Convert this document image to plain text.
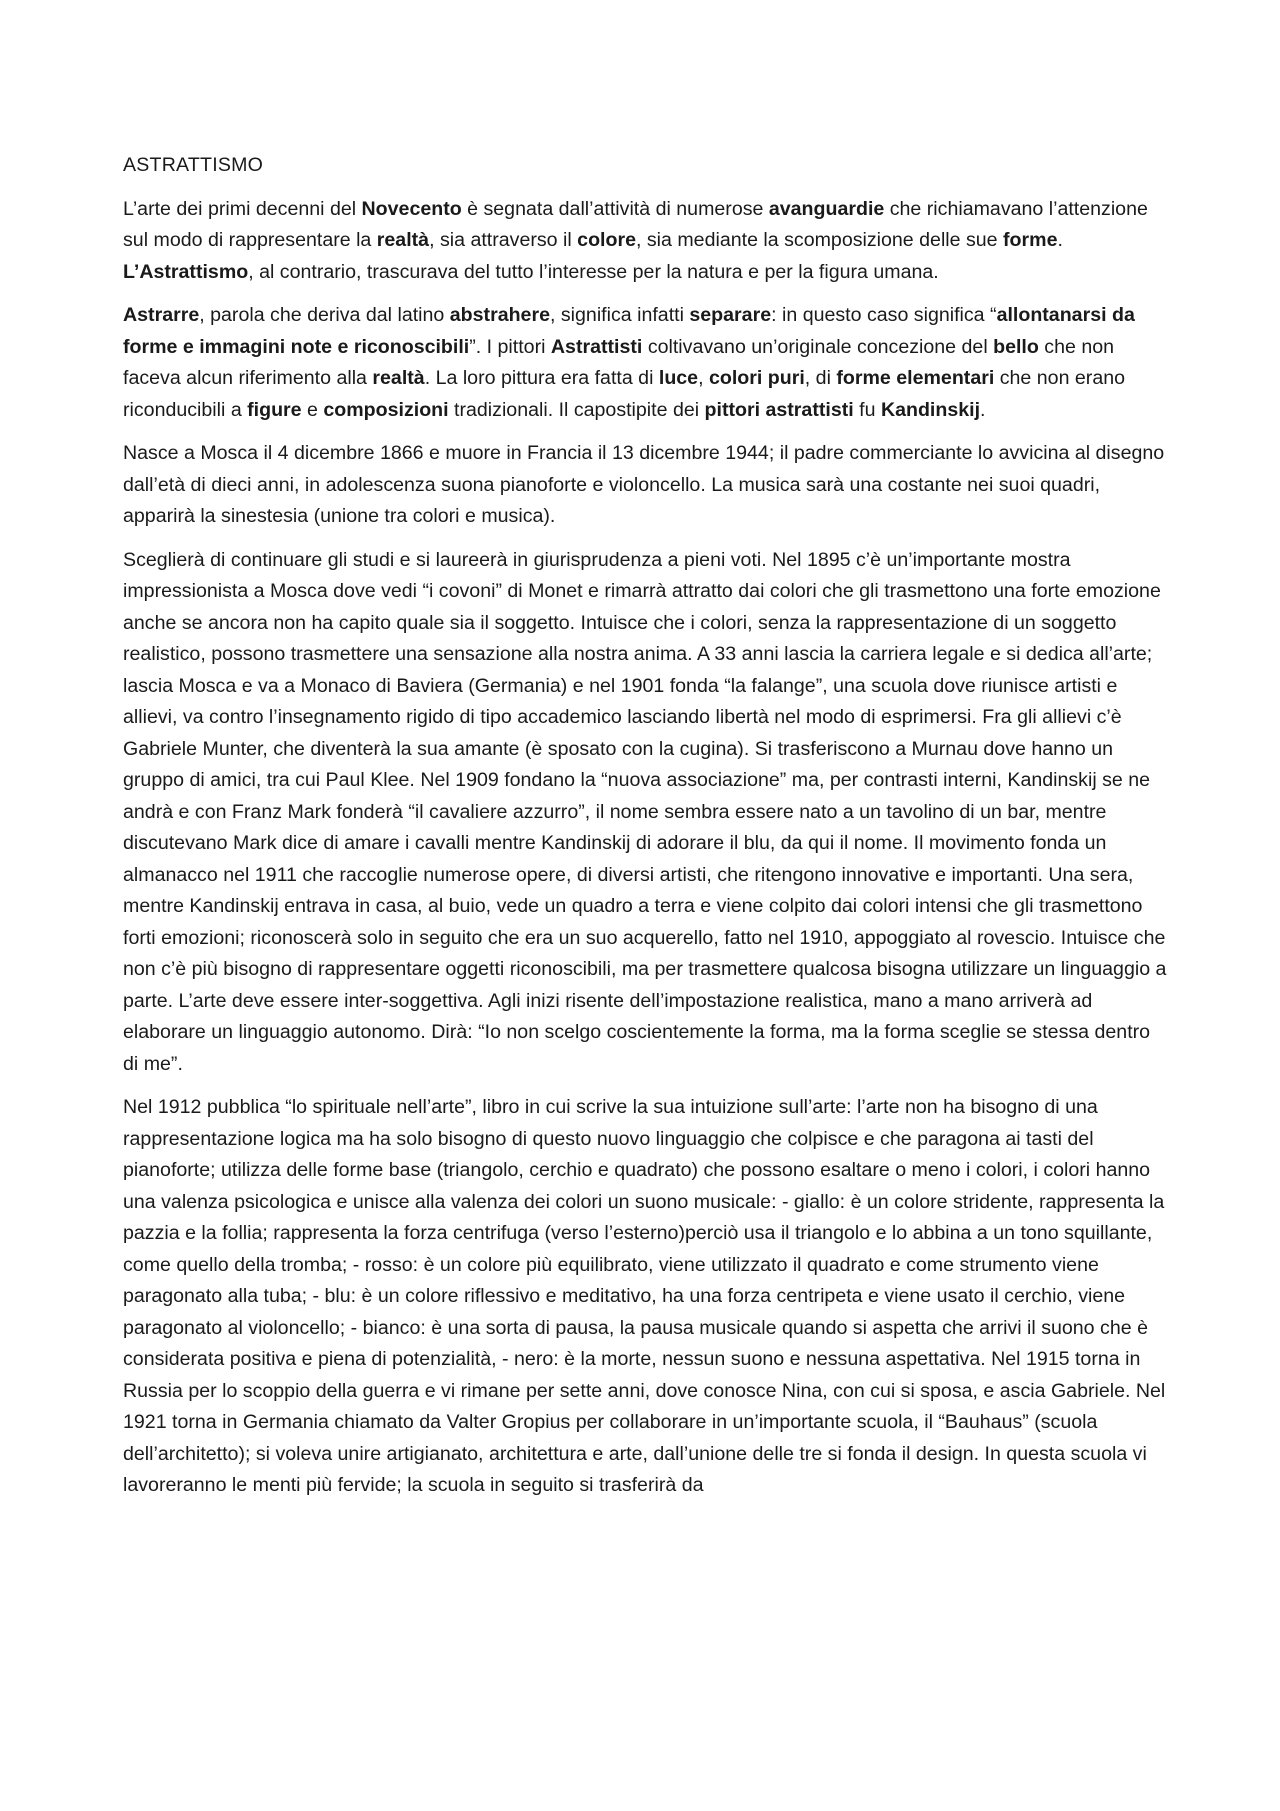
ASTRATTISMO

L’arte dei primi decenni del Novecento è segnata dall’attività di numerose avanguardie che richiamavano l’attenzione sul modo di rappresentare la realtà, sia attraverso il colore, sia mediante la scomposizione delle sue forme. L’Astrattismo, al contrario, trascurava del tutto l’interesse per la natura e per la figura umana.

Astrarre, parola che deriva dal latino abstrahere, significa infatti separare: in questo caso significa “allontanarsi da forme e immagini note e riconoscibili”. I pittori Astrattisti coltivavano un’originale concezione del bello che non faceva alcun riferimento alla realtà. La loro pittura era fatta di luce, colori puri, di forme elementari che non erano riconducibili a figure e composizioni tradizionali. Il capostipite dei pittori astrattisti fu Kandinskij.

Nasce a Mosca il 4 dicembre 1866 e muore in Francia il 13 dicembre 1944; il padre commerciante lo avvicina al disegno dall’età di dieci anni, in adolescenza suona pianoforte e violoncello. La musica sarà una costante nei suoi quadri, apparirà la sinestesia (unione tra colori e musica).

Sceglierà di continuare gli studi e si laureerà in giurisprudenza a pieni voti. Nel 1895 c’è un’importante mostra impressionista a Mosca dove vedi “i covoni” di Monet e rimarrà attratto dai colori che gli trasmettono una forte emozione anche se ancora non ha capito quale sia il soggetto. Intuisce che i colori, senza la rappresentazione di un soggetto realistico, possono trasmettere una sensazione alla nostra anima. A 33 anni lascia la carriera legale e si dedica all’arte; lascia Mosca e va a Monaco di Baviera (Germania) e nel 1901 fonda “la falange”, una scuola dove riunisce artisti e allievi, va contro l’insegnamento rigido di tipo accademico lasciando libertà nel modo di esprimersi. Fra gli allievi c’è Gabriele Munter, che diventerà la sua amante (è sposato con la cugina). Si trasferiscono a Murnau dove hanno un gruppo di amici, tra cui Paul Klee. Nel 1909 fondano la “nuova associazione” ma, per contrasti interni, Kandinskij se ne andrà e con Franz Mark fonderà “il cavaliere azzurro”, il nome sembra essere nato a un tavolino di un bar, mentre discutevano Mark dice di amare i cavalli mentre Kandinskij di adorare il blu, da qui il nome. Il movimento fonda un almanacco nel 1911 che raccoglie numerose opere, di diversi artisti, che ritengono innovative e importanti. Una sera, mentre Kandinskij entrava in casa, al buio, vede un quadro a terra e viene colpito dai colori intensi che gli trasmettono forti emozioni; riconoscerà solo in seguito che era un suo acquerello, fatto nel 1910, appoggiato al rovescio. Intuisce che non c’è più bisogno di rappresentare oggetti riconoscibili, ma per trasmettere qualcosa bisogna utilizzare un linguaggio a parte. L’arte deve essere inter-soggettiva. Agli inizi risente dell’impostazione realistica, mano a mano arriverà ad elaborare un linguaggio autonomo. Dirà: “Io non scelgo coscientemente la forma, ma la forma sceglie se stessa dentro di me”.

Nel 1912 pubblica “lo spirituale nell’arte”, libro in cui scrive la sua intuizione sull’arte: l’arte non ha bisogno di una rappresentazione logica ma ha solo bisogno di questo nuovo linguaggio che colpisce e che paragona ai tasti del pianoforte; utilizza delle forme base (triangolo, cerchio e quadrato) che possono esaltare o meno i colori, i colori hanno una valenza psicologica e unisce alla valenza dei colori un suono musicale: - giallo: è un colore stridente, rappresenta la pazzia e la follia; rappresenta la forza centrifuga (verso l’esterno)perciò usa il triangolo e lo abbina a un tono squillante, come quello della tromba; - rosso: è un colore più equilibrato, viene utilizzato il quadrato e come strumento viene paragonato alla tuba; - blu: è un colore riflessivo e meditativo, ha una forza centripeta e viene usato il cerchio, viene paragonato al violoncello; - bianco: è una sorta di pausa, la pausa musicale quando si aspetta che arrivi il suono che è considerata positiva e piena di potenzialità, - nero: è la morte, nessun suono e nessuna aspettativa. Nel 1915 torna in Russia per lo scoppio della guerra e vi rimane per sette anni, dove conosce Nina, con cui si sposa, e ascia Gabriele. Nel 1921 torna in Germania chiamato da Valter Gropius per collaborare in un’importante scuola, il “Bauhaus” (scuola dell’architetto); si voleva unire artigianato, architettura e arte, dall’unione delle tre si fonda il design. In questa scuola vi lavoreranno le menti più fervide; la scuola in seguito si trasferirà da
